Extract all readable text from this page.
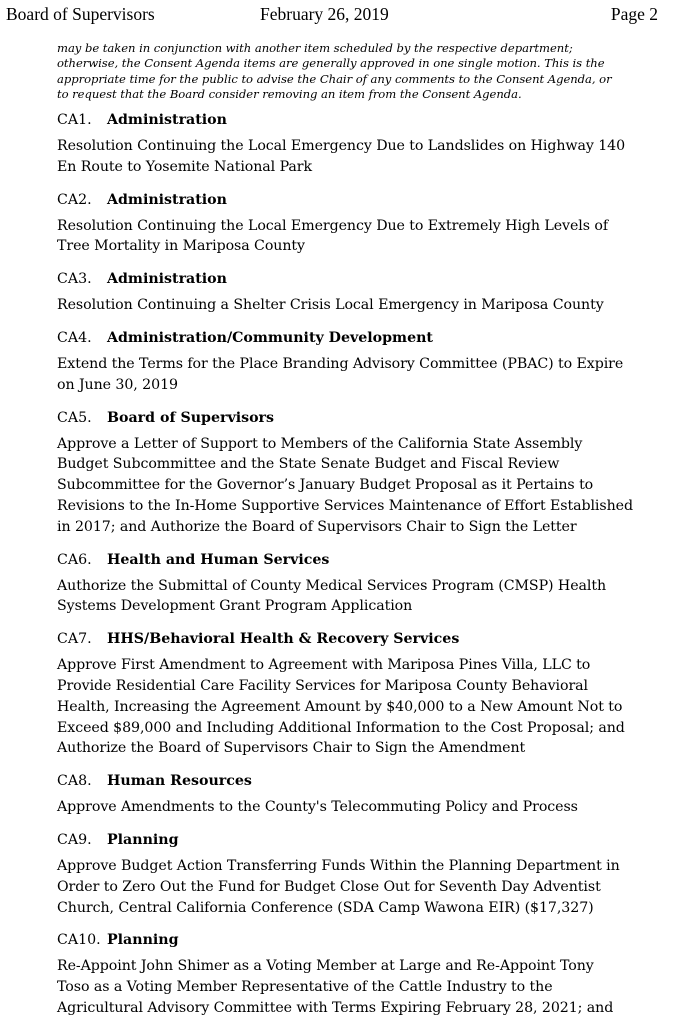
Board of Supervisors	February 26, 2019	Page 2
may be taken in conjunction with another item scheduled by the respective department;
otherwise, the Consent Agenda items are generally approved in one single motion. This is the
appropriate time for the public to advise the Chair of any comments to the Consent Agenda, or
to request that the Board consider removing an item from the Consent Agenda.
CA1. Administration
Resolution Continuing the Local Emergency Due to Landslides on Highway 140
En Route to Yosemite National Park
CA2. Administration
Resolution Continuing the Local Emergency Due to Extremely High Levels of
Tree Mortality in Mariposa County
CA3. Administration
Resolution Continuing a Shelter Crisis Local Emergency in Mariposa County
CA4. Administration/Community Development
Extend the Terms for the Place Branding Advisory Committee (PBAC) to Expire
on June 30, 2019
CA5. Board of Supervisors
Approve a Letter of Support to Members of the California State Assembly
Budget Subcommittee and the State Senate Budget and Fiscal Review
Subcommittee for the Governor’s January Budget Proposal as it Pertains to
Revisions to the In-Home Supportive Services Maintenance of Effort Established
in 2017; and Authorize the Board of Supervisors Chair to Sign the Letter
CA6. Health and Human Services
Authorize the Submittal of County Medical Services Program (CMSP) Health
Systems Development Grant Program Application
CA7. HHS/Behavioral Health & Recovery Services
Approve First Amendment to Agreement with Mariposa Pines Villa, LLC to
Provide Residential Care Facility Services for Mariposa County Behavioral
Health, Increasing the Agreement Amount by $40,000 to a New Amount Not to
Exceed $89,000 and Including Additional Information to the Cost Proposal; and
Authorize the Board of Supervisors Chair to Sign the Amendment
CA8. Human Resources
Approve Amendments to the County's Telecommuting Policy and Process
CA9. Planning
Approve Budget Action Transferring Funds Within the Planning Department in
Order to Zero Out the Fund for Budget Close Out for Seventh Day Adventist
Church, Central California Conference (SDA Camp Wawona EIR) ($17,327)
CA10. Planning
Re-Appoint John Shimer as a Voting Member at Large and Re-Appoint Tony
Toso as a Voting Member Representative of the Cattle Industry to the
Agricultural Advisory Committee with Terms Expiring February 28, 2021; and
